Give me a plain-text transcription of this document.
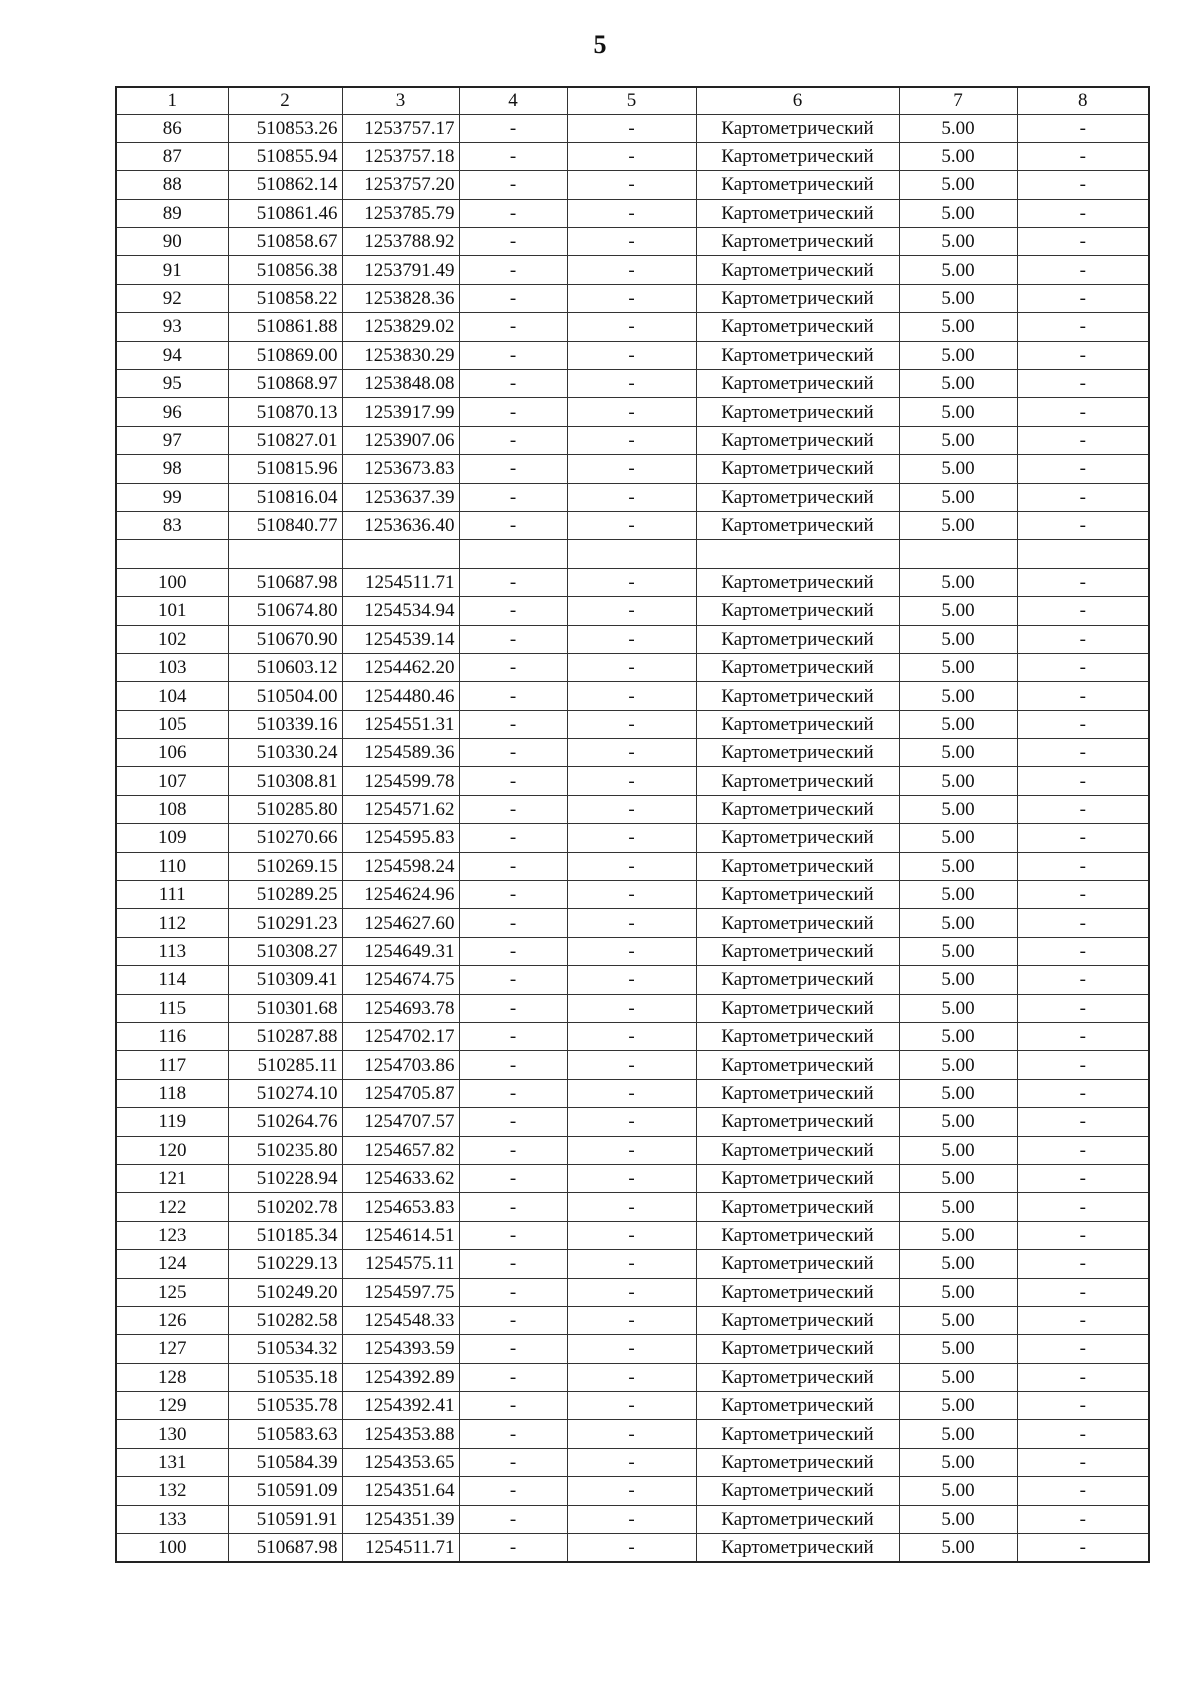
5
1	2	3	4	5	6	7	8
86	510853.26	1253757.17	-	-	Картометрический	5.00	-
87	510855.94	1253757.18	-	-	Картометрический	5.00	-
88	510862.14	1253757.20	-	-	Картометрический	5.00	-
89	510861.46	1253785.79	-	-	Картометрический	5.00	-
90	510858.67	1253788.92	-	-	Картометрический	5.00	-
91	510856.38	1253791.49	-	-	Картометрический	5.00	-
92	510858.22	1253828.36	-	-	Картометрический	5.00	-
93	510861.88	1253829.02	-	-	Картометрический	5.00	-
94	510869.00	1253830.29	-	-	Картометрический	5.00	-
95	510868.97	1253848.08	-	-	Картометрический	5.00	-
96	510870.13	1253917.99	-	-	Картометрический	5.00	-
97	510827.01	1253907.06	-	-	Картометрический	5.00	-
98	510815.96	1253673.83	-	-	Картометрический	5.00	-
99	510816.04	1253637.39	-	-	Картометрический	5.00	-
83	510840.77	1253636.40	-	-	Картометрический	5.00	-

100	510687.98	1254511.71	-	-	Картометрический	5.00	-
101	510674.80	1254534.94	-	-	Картометрический	5.00	-
102	510670.90	1254539.14	-	-	Картометрический	5.00	-
103	510603.12	1254462.20	-	-	Картометрический	5.00	-
104	510504.00	1254480.46	-	-	Картометрический	5.00	-
105	510339.16	1254551.31	-	-	Картометрический	5.00	-
106	510330.24	1254589.36	-	-	Картометрический	5.00	-
107	510308.81	1254599.78	-	-	Картометрический	5.00	-
108	510285.80	1254571.62	-	-	Картометрический	5.00	-
109	510270.66	1254595.83	-	-	Картометрический	5.00	-
110	510269.15	1254598.24	-	-	Картометрический	5.00	-
111	510289.25	1254624.96	-	-	Картометрический	5.00	-
112	510291.23	1254627.60	-	-	Картометрический	5.00	-
113	510308.27	1254649.31	-	-	Картометрический	5.00	-
114	510309.41	1254674.75	-	-	Картометрический	5.00	-
115	510301.68	1254693.78	-	-	Картометрический	5.00	-
116	510287.88	1254702.17	-	-	Картометрический	5.00	-
117	510285.11	1254703.86	-	-	Картометрический	5.00	-
118	510274.10	1254705.87	-	-	Картометрический	5.00	-
119	510264.76	1254707.57	-	-	Картометрический	5.00	-
120	510235.80	1254657.82	-	-	Картометрический	5.00	-
121	510228.94	1254633.62	-	-	Картометрический	5.00	-
122	510202.78	1254653.83	-	-	Картометрический	5.00	-
123	510185.34	1254614.51	-	-	Картометрический	5.00	-
124	510229.13	1254575.11	-	-	Картометрический	5.00	-
125	510249.20	1254597.75	-	-	Картометрический	5.00	-
126	510282.58	1254548.33	-	-	Картометрический	5.00	-
127	510534.32	1254393.59	-	-	Картометрический	5.00	-
128	510535.18	1254392.89	-	-	Картометрический	5.00	-
129	510535.78	1254392.41	-	-	Картометрический	5.00	-
130	510583.63	1254353.88	-	-	Картометрический	5.00	-
131	510584.39	1254353.65	-	-	Картометрический	5.00	-
132	510591.09	1254351.64	-	-	Картометрический	5.00	-
133	510591.91	1254351.39	-	-	Картометрический	5.00	-
100	510687.98	1254511.71	-	-	Картометрический	5.00	-
